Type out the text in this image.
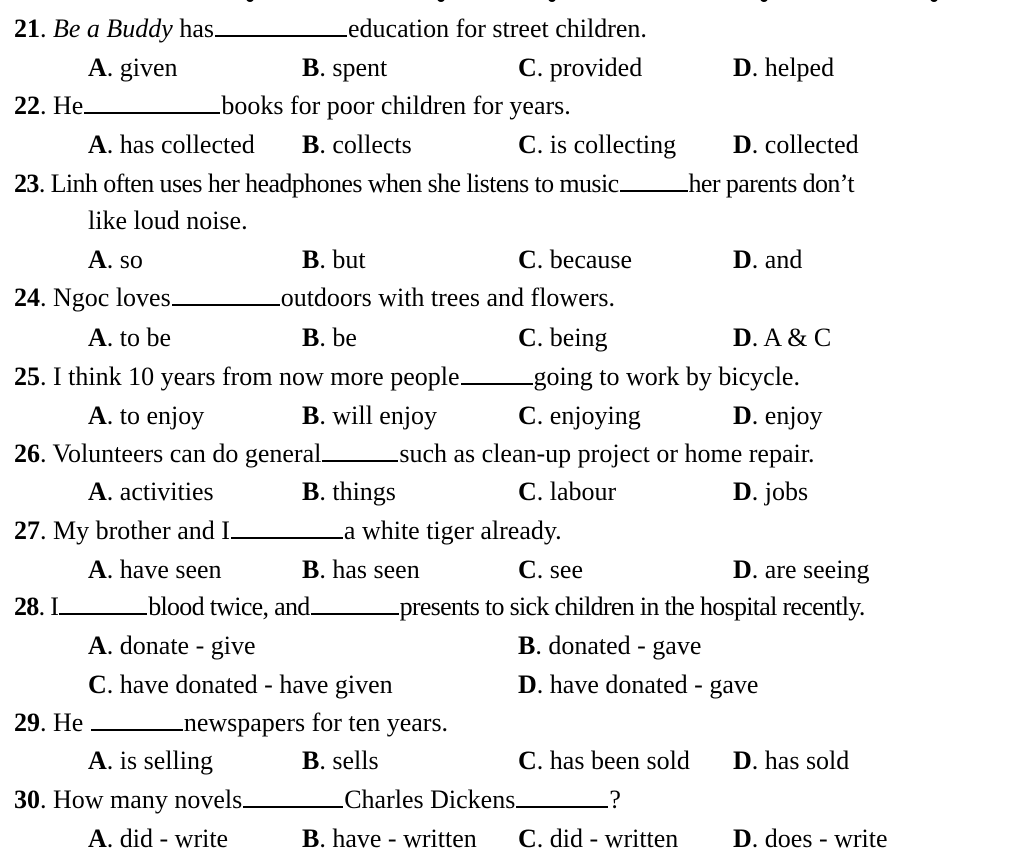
21. Be a Buddy has	education for street children.
A. given	B. spent	C. provided	D. helped
22. He	books for poor children for years.
A. has collected B. collects	C. is collecting D. collected
23. Linh often uses her headphones when she listens to music	her parents don’t
like loud noise.
A. so	B. but	C. because	D. and
24. Ngoc loves	outdoors with trees and flowers.
A. to be	B. be	C. being	D. A & C
25. I think 10 years from now more people	going to work by bicycle.
A. to enjoy	B. will enjoy	C. enjoying	D. enjoy
26. Volunteers can do general	such as clean-up project or home repair.
A. activities	B. things	C. labour	D. jobs
27. My brother and I	a white tiger already.
A. have seen	B. has seen	C. see	D. are seeing
28. I	blood twice, and	presents to sick children in the hospital recently.
A. donate - give	B. donated - gave
C. have donated - have given	D. have donated - gave
29. He	newspapers for ten years.
A. is selling	B. sells	C. has been sold D. has sold
30. How many novels	Charles Dickens	?
A. did - write	B. have - written C. did - written D. does - write
